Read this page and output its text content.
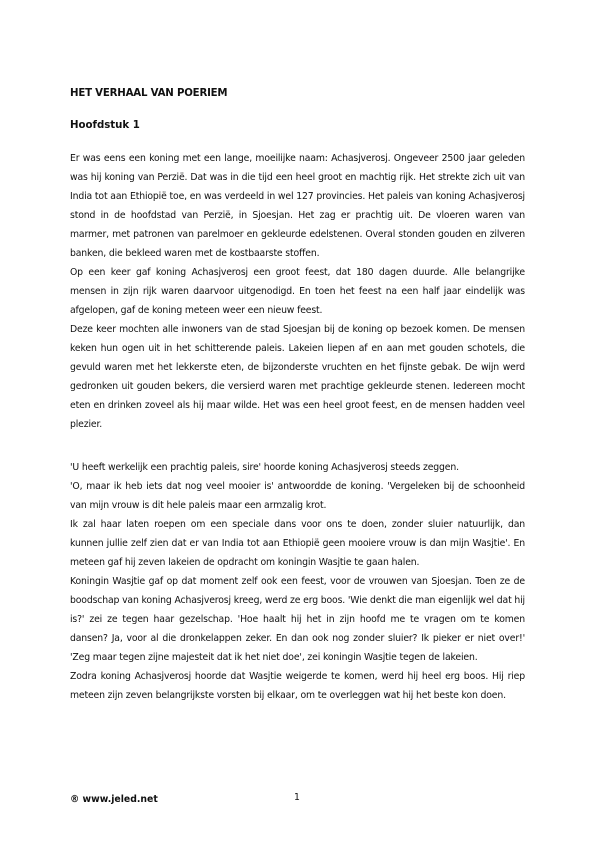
HET VERHAAL VAN POERIEM
Hoofdstuk 1

Er was eens een koning met een lange, moeilijke naam: Achasjverosj. Ongeveer 2500 jaar geleden was hij koning van Perzië. Dat was in die tijd een heel groot en machtig rijk. Het strekte zich uit van India tot aan Ethiopië toe, en was verdeeld in wel 127 provincies. Het paleis van koning Achasjverosj stond in de hoofdstad van Perzië, in Sjoesjan. Het zag er prachtig uit. De vloeren waren van marmer, met patronen van parelmoer en gekleurde edelstenen. Overal stonden gouden en zilveren banken, die bekleed waren met de kostbaarste stoffen.

Op een keer gaf koning Achasjverosj een groot feest, dat 180 dagen duurde. Alle belangrijke mensen in zijn rijk waren daarvoor uitgenodigd. En toen het feest na een half jaar eindelijk was afgelopen, gaf de koning meteen weer een nieuw feest.

Deze keer mochten alle inwoners van de stad Sjoesjan bij de koning op bezoek komen. De mensen keken hun ogen uit in het schitterende paleis. Lakeien liepen af en aan met gouden schotels, die gevuld waren met het lekkerste eten, de bijzonderste vruchten en het fijnste gebak. De wijn werd gedronken uit gouden bekers, die versierd waren met prachtige gekleurde stenen. Iedereen mocht eten en drinken zoveel als hij maar wilde. Het was een heel groot feest, en de mensen hadden veel plezier.

'U heeft werkelijk een prachtig paleis, sire' hoorde koning Achasjverosj steeds zeggen.

'O, maar ik heb iets dat nog veel mooier is' antwoordde de koning. 'Vergeleken bij de schoonheid van mijn vrouw is dit hele paleis maar een armzalig krot.

Ik zal haar laten roepen om een speciale dans voor ons te doen, zonder sluier natuurlijk, dan kunnen jullie zelf zien dat er van India tot aan Ethiopië geen mooiere vrouw is dan mijn Wasjtie'. En meteen gaf hij zeven lakeien de opdracht om koningin Wasjtie te gaan halen.

Koningin Wasjtie gaf op dat moment zelf ook een feest, voor de vrouwen van Sjoesjan. Toen ze de boodschap van koning Achasjverosj kreeg, werd ze erg boos. 'Wie denkt die man eigenlijk wel dat hij is?' zei ze tegen haar gezelschap. 'Hoe haalt hij het in zijn hoofd me te vragen om te komen dansen? Ja, voor al die dronkelappen zeker. En dan ook nog zonder sluier? Ik pieker er niet over!' 'Zeg maar tegen zijne majesteit dat ik het niet doe', zei koningin Wasjtie tegen de lakeien.

Zodra koning Achasjverosj hoorde dat Wasjtie weigerde te komen, werd hij heel erg boos. Hij riep meteen zijn zeven belangrijkste vorsten bij elkaar, om te overleggen wat hij het beste kon doen.

® www.jeled.net	1
